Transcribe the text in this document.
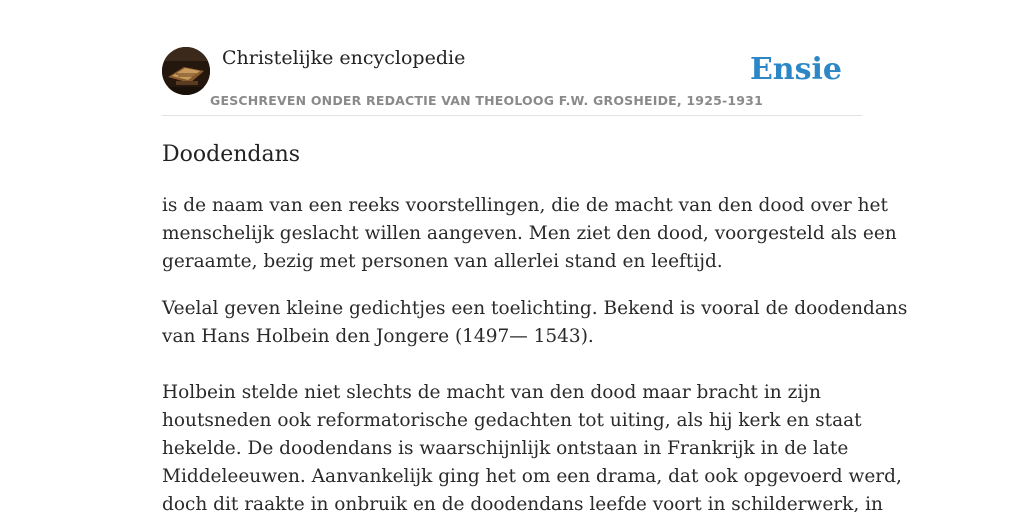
Christelijke encyclopedie
GESCHREVEN ONDER REDACTIE VAN THEOLOOG F.W. GROSHEIDE, 1925-1931
Ensie
Doodendans

is de naam van een reeks voorstellingen, die de macht van den dood over het
menschelijk geslacht willen aangeven. Men ziet den dood, voorgesteld als een
geraamte, bezig met personen van allerlei stand en leeftijd.

Veelal geven kleine gedichtjes een toelichting. Bekend is vooral de doodendans
van Hans Holbein den Jongere (1497— 1543).

Holbein stelde niet slechts de macht van den dood maar bracht in zijn
houtsneden ook reformatorische gedachten tot uiting, als hij kerk en staat
hekelde. De doodendans is waarschijnlijk ontstaan in Frankrijk in de late
Middeleeuwen. Aanvankelijk ging het om een drama, dat ook opgevoerd werd,
doch dit raakte in onbruik en de doodendans leefde voort in schilderwerk, in
